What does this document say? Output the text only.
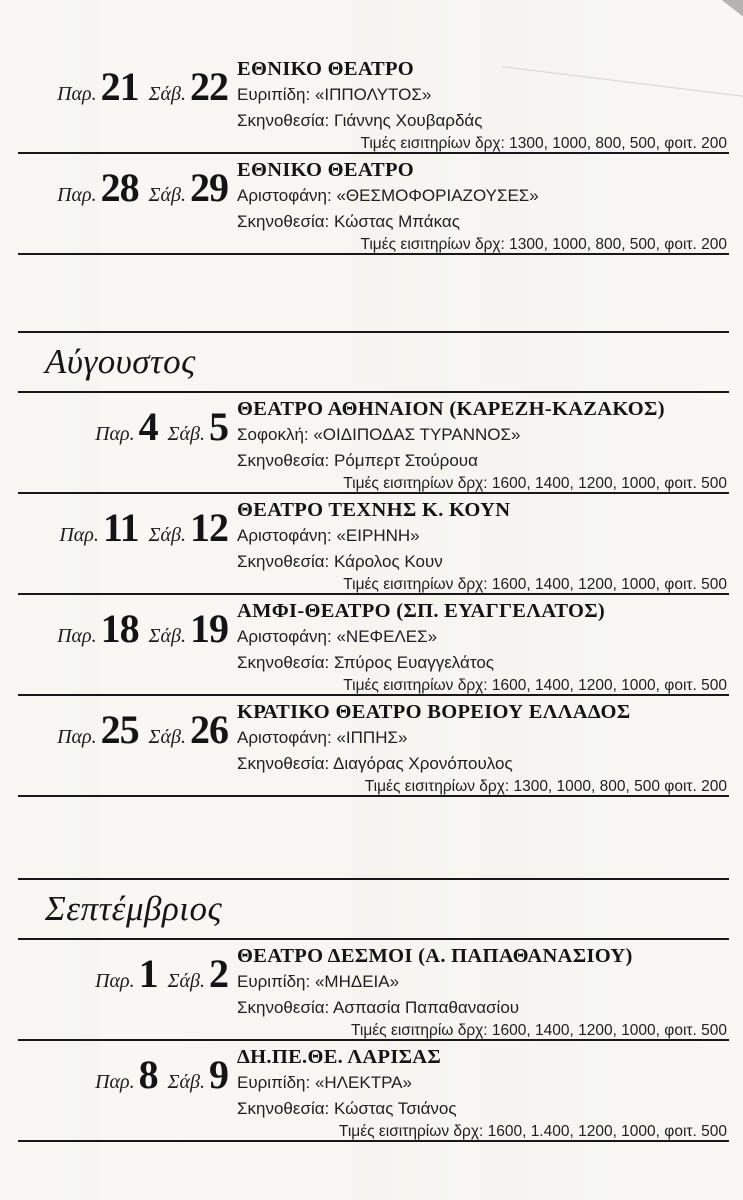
Παρ. 21 Σάβ. 22 ΕΘΝΙΚΟ ΘΕΑΤΡΟ
Ευριπίδη: «ΙΠΠΟΛΥΤΟΣ»
Σκηνοθεσία: Γιάννης Χουβαρδάς
Τιμές εισιτηρίων δρχ: 1300, 1000, 800, 500, φοιτ. 200
Παρ. 28 Σάβ. 29 ΕΘΝΙΚΟ ΘΕΑΤΡΟ
Αριστοφάνη: «ΘΕΣΜΟΦΟΡΙΑΖΟΥΣΕΣ»
Σκηνοθεσία: Κώστας Μπάκας
Τιμές εισιτηρίων δρχ: 1300, 1000, 800, 500, φοιτ. 200
Αύγουστος
Παρ. 4 Σάβ. 5 ΘΕΑΤΡΟ ΑΘΗΝΑΙΟΝ (ΚΑΡΕΖΗ-ΚΑΖΑΚΟΣ)
Σοφοκλή: «ΟΙΔΙΠΟΔΑΣ ΤΥΡΑΝΝΟΣ»
Σκηνοθεσία: Ρόμπερτ Στούρουα
Τιμές εισιτηρίων δρχ: 1600, 1400, 1200, 1000, φοιτ. 500
Παρ. 11 Σάβ. 12 ΘΕΑΤΡΟ ΤΕΧΝΗΣ Κ. ΚΟΥΝ
Αριστοφάνη: «ΕΙΡΗΝΗ»
Σκηνοθεσία: Κάρολος Κουν
Τιμές εισιτηρίων δρχ: 1600, 1400, 1200, 1000, φοιτ. 500
Παρ. 18 Σάβ. 19 ΑΜΦΙ-ΘΕΑΤΡΟ (ΣΠ. ΕΥΑΓΓΕΛΑΤΟΣ)
Αριστοφάνη: «ΝΕΦΕΛΕΣ»
Σκηνοθεσία: Σπύρος Ευαγγελάτος
Τιμές εισιτηρίων δρχ: 1600, 1400, 1200, 1000, φοιτ. 500
Παρ. 25 Σάβ. 26 ΚΡΑΤΙΚΟ ΘΕΑΤΡΟ ΒΟΡΕΙΟΥ ΕΛΛΑΔΟΣ
Αριστοφάνη: «ΙΠΠΗΣ»
Σκηνοθεσία: Διαγόρας Χρονόπουλος
Τιμές εισιτηρίων δρχ: 1300, 1000, 800, 500 φοιτ. 200
Σεπτέμβριος
Παρ. 1 Σάβ. 2 ΘΕΑΤΡΟ ΔΕΣΜΟΙ (Α. ΠΑΠΑΘΑΝΑΣΙΟΥ)
Ευριπίδη: «ΜΗΔΕΙΑ»
Σκηνοθεσία: Ασπασία Παπαθανασίου
Τιμές εισιτηρίω δρχ: 1600, 1400, 1200, 1000, φοιτ. 500
Παρ. 8 Σάβ. 9 ΔΗ.ΠΕ.ΘΕ. ΛΑΡΙΣΑΣ
Ευριπίδη: «ΗΛΕΚΤΡΑ»
Σκηνοθεσία: Κώστας Τσιάνος
Τιμές εισιτηρίων δρχ: 1600, 1.400, 1200, 1000, φοιτ. 500
